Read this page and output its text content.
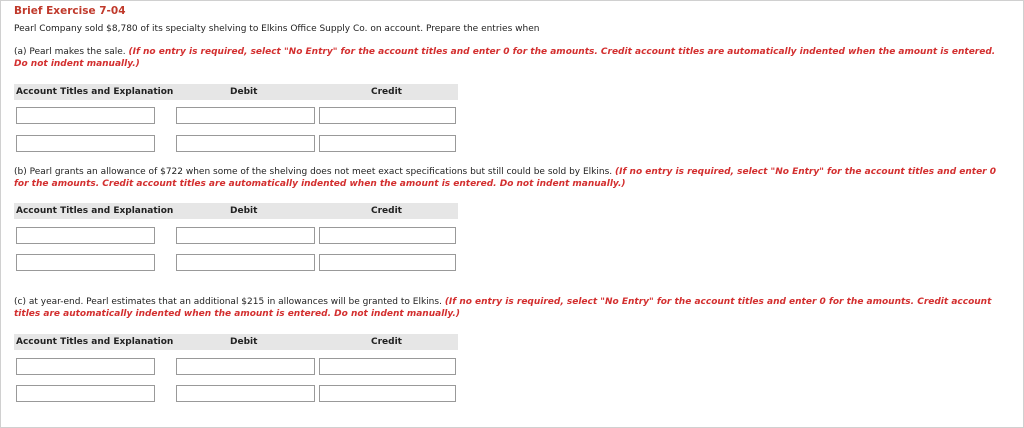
Brief Exercise 7-04
Pearl Company sold $8,780 of its specialty shelving to Elkins Office Supply Co. on account. Prepare the entries when
(a) Pearl makes the sale. (If no entry is required, select "No Entry" for the account titles and enter 0 for the amounts. Credit account titles are automatically indented when the amount is entered. Do not indent manually.)
Account Titles and Explanation	Debit	Credit
(b) Pearl grants an allowance of $722 when some of the shelving does not meet exact specifications but still could be sold by Elkins. (If no entry is required, select "No Entry" for the account titles and enter 0 for the amounts. Credit account titles are automatically indented when the amount is entered. Do not indent manually.)
Account Titles and Explanation	Debit	Credit
(c) at year-end. Pearl estimates that an additional $215 in allowances will be granted to Elkins. (If no entry is required, select "No Entry" for the account titles and enter 0 for the amounts. Credit account titles are automatically indented when the amount is entered. Do not indent manually.)
Account Titles and Explanation	Debit	Credit
